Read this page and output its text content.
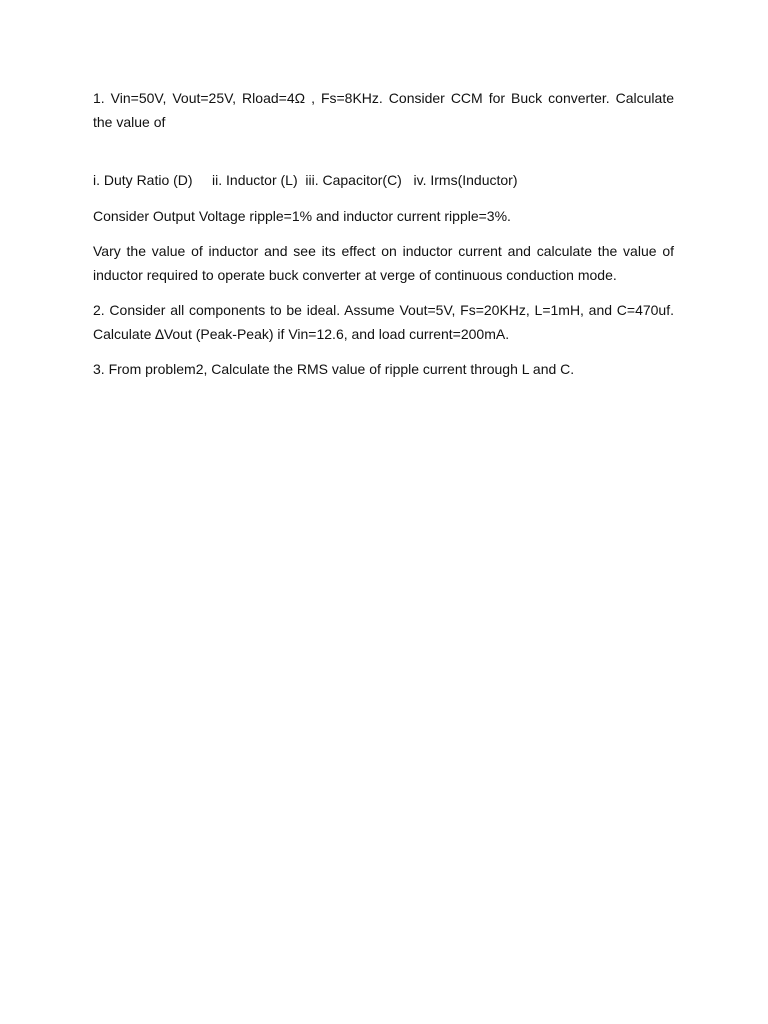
1. Vin=50V, Vout=25V, Rload=4Ω , Fs=8KHz. Consider CCM for Buck converter. Calculate the value of

i. Duty Ratio (D)     ii. Inductor (L)  iii. Capacitor(C)   iv. Irms(Inductor)

Consider Output Voltage ripple=1% and inductor current ripple=3%.

Vary the value of inductor and see its effect on inductor current and calculate the value of inductor required to operate buck converter at verge of continuous conduction mode.

2. Consider all components to be ideal. Assume Vout=5V, Fs=20KHz, L=1mH, and C=470uf. Calculate ∆Vout (Peak-Peak) if Vin=12.6, and load current=200mA.

3. From problem2, Calculate the RMS value of ripple current through L and C.
